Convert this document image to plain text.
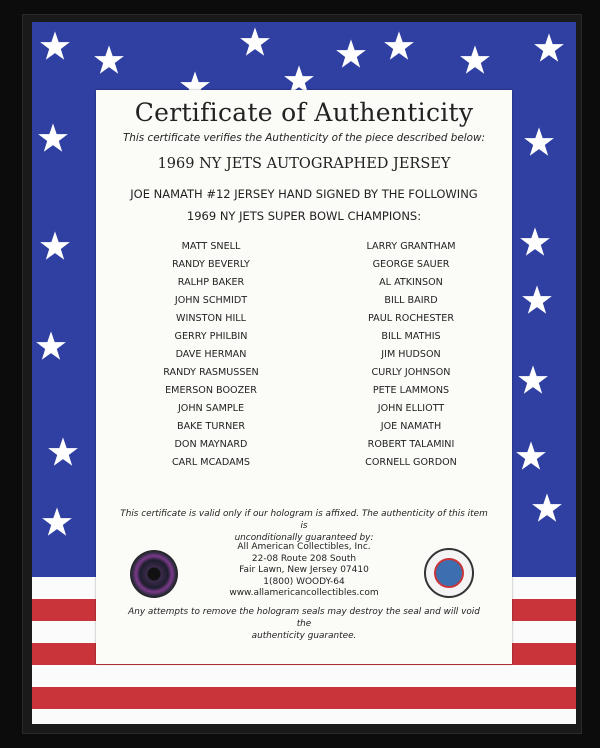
Certificate of Authenticity
This certificate verifies the Authenticity of the piece described below:
1969 NY JETS AUTOGRAPHED JERSEY
JOE NAMATH #12 JERSEY HAND SIGNED BY THE FOLLOWING
1969 NY JETS SUPER BOWL CHAMPIONS:
MATT SNELL
RANDY BEVERLY
RALHP BAKER
JOHN SCHMIDT
WINSTON HILL
GERRY PHILBIN
DAVE HERMAN
RANDY RASMUSSEN
EMERSON BOOZER
JOHN SAMPLE
BAKE TURNER
DON MAYNARD
CARL MCADAMS
LARRY GRANTHAM
GEORGE SAUER
AL ATKINSON
BILL BAIRD
PAUL ROCHESTER
BILL MATHIS
JIM HUDSON
CURLY JOHNSON
PETE LAMMONS
JOHN ELLIOTT
JOE NAMATH
ROBERT TALAMINI
CORNELL GORDON
This certificate is valid only if our hologram is affixed. The authenticity of this item is
unconditionally guaranteed by:
All American Collectibles, Inc.
22-08 Route 208 South
Fair Lawn, New Jersey 07410
1(800) WOODY-64
www.allamericancollectibles.com
Any attempts to remove the hologram seals may destroy the seal and will void the
authenticity guarantee.
